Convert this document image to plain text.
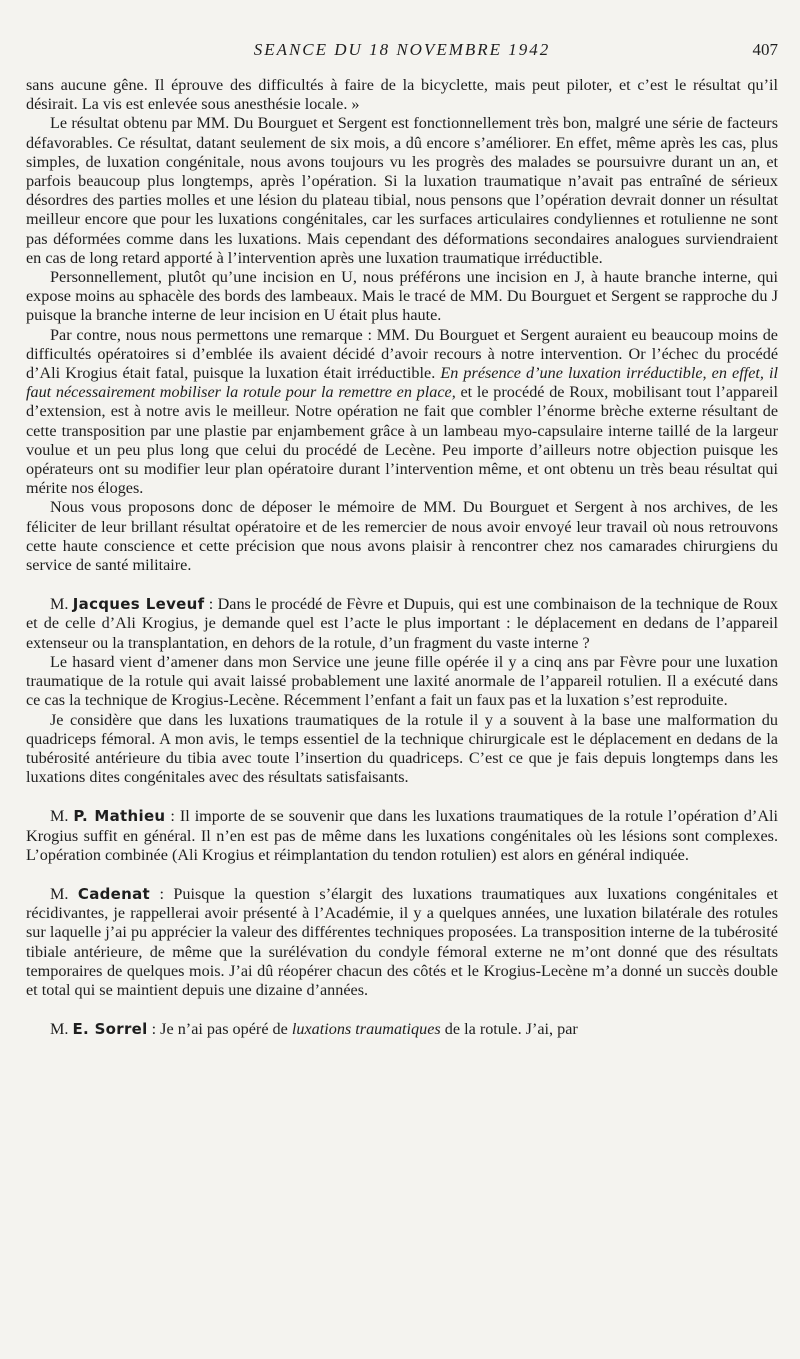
SEANCE DU 18 NOVEMBRE 1942	407

sans aucune gêne. Il éprouve des difficultés à faire de la bicyclette, mais peut piloter, et c’est le résultat qu’il désirait. La vis est enlevée sous anesthésie locale. »

Le résultat obtenu par MM. Du Bourguet et Sergent est fonctionnellement très bon, malgré une série de facteurs défavorables. Ce résultat, datant seulement de six mois, a dû encore s’améliorer. En effet, même après les cas, plus simples, de luxation congénitale, nous avons toujours vu les progrès des malades se poursuivre durant un an, et parfois beaucoup plus longtemps, après l’opération. Si la luxation traumatique n’avait pas entraîné de sérieux désordres des parties molles et une lésion du plateau tibial, nous pensons que l’opération devrait donner un résultat meilleur encore que pour les luxations congénitales, car les surfaces articulaires condyliennes et rotulienne ne sont pas déformées comme dans les luxations. Mais cependant des déformations secondaires analogues surviendraient en cas de long retard apporté à l’intervention après une luxation traumatique irréductible.

Personnellement, plutôt qu’une incision en U, nous préférons une incision en J, à haute branche interne, qui expose moins au sphacèle des bords des lambeaux. Mais le tracé de MM. Du Bourguet et Sergent se rapproche du J puisque la branche interne de leur incision en U était plus haute.

Par contre, nous nous permettons une remarque : MM. Du Bourguet et Sergent auraient eu beaucoup moins de difficultés opératoires si d’emblée ils avaient décidé d’avoir recours à notre intervention. Or l’échec du procédé d’Ali Krogius était fatal, puisque la luxation était irréductible. En présence d’une luxation irréductible, en effet, il faut nécessairement mobiliser la rotule pour la remettre en place, et le procédé de Roux, mobilisant tout l’appareil d’extension, est à notre avis le meilleur. Notre opération ne fait que combler l’énorme brèche externe résultant de cette transposition par une plastie par enjambement grâce à un lambeau myo-capsulaire interne taillé de la largeur voulue et un peu plus long que celui du procédé de Lecène. Peu importe d’ailleurs notre objection puisque les opérateurs ont su modifier leur plan opératoire durant l’intervention même, et ont obtenu un très beau résultat qui mérite nos éloges.

Nous vous proposons donc de déposer le mémoire de MM. Du Bourguet et Sergent à nos archives, de les féliciter de leur brillant résultat opératoire et de les remercier de nous avoir envoyé leur travail où nous retrouvons cette haute conscience et cette précision que nous avons plaisir à rencontrer chez nos camarades chirurgiens du service de santé militaire.

M. Jacques Leveuf : Dans le procédé de Fèvre et Dupuis, qui est une combinaison de la technique de Roux et de celle d’Ali Krogius, je demande quel est l’acte le plus important : le déplacement en dedans de l’appareil extenseur ou la transplantation, en dehors de la rotule, d’un fragment du vaste interne ?

Le hasard vient d’amener dans mon Service une jeune fille opérée il y a cinq ans par Fèvre pour une luxation traumatique de la rotule qui avait laissé probablement une laxité anormale de l’appareil rotulien. Il a exécuté dans ce cas la technique de Krogius-Lecène. Récemment l’enfant a fait un faux pas et la luxation s’est reproduite.

Je considère que dans les luxations traumatiques de la rotule il y a souvent à la base une malformation du quadriceps fémoral. A mon avis, le temps essentiel de la technique chirurgicale est le déplacement en dedans de la tubérosité antérieure du tibia avec toute l’insertion du quadriceps. C’est ce que je fais depuis longtemps dans les luxations dites congénitales avec des résultats satisfaisants.

M. P. Mathieu : Il importe de se souvenir que dans les luxations traumatiques de la rotule l’opération d’Ali Krogius suffit en général. Il n’en est pas de même dans les luxations congénitales où les lésions sont complexes. L’opération combinée (Ali Krogius et réimplantation du tendon rotulien) est alors en général indiquée.

M. Cadenat : Puisque la question s’élargit des luxations traumatiques aux luxations congénitales et récidivantes, je rappellerai avoir présenté à l’Académie, il y a quelques années, une luxation bilatérale des rotules sur laquelle j’ai pu apprécier la valeur des différentes techniques proposées. La transposition interne de la tubérosité tibiale antérieure, de même que la surélévation du condyle fémoral externe ne m’ont donné que des résultats temporaires de quelques mois. J’ai dû réopérer chacun des côtés et le Krogius-Lecène m’a donné un succès double et total qui se maintient depuis une dizaine d’années.

M. E. Sorrel : Je n’ai pas opéré de luxations traumatiques de la rotule. J’ai, par
